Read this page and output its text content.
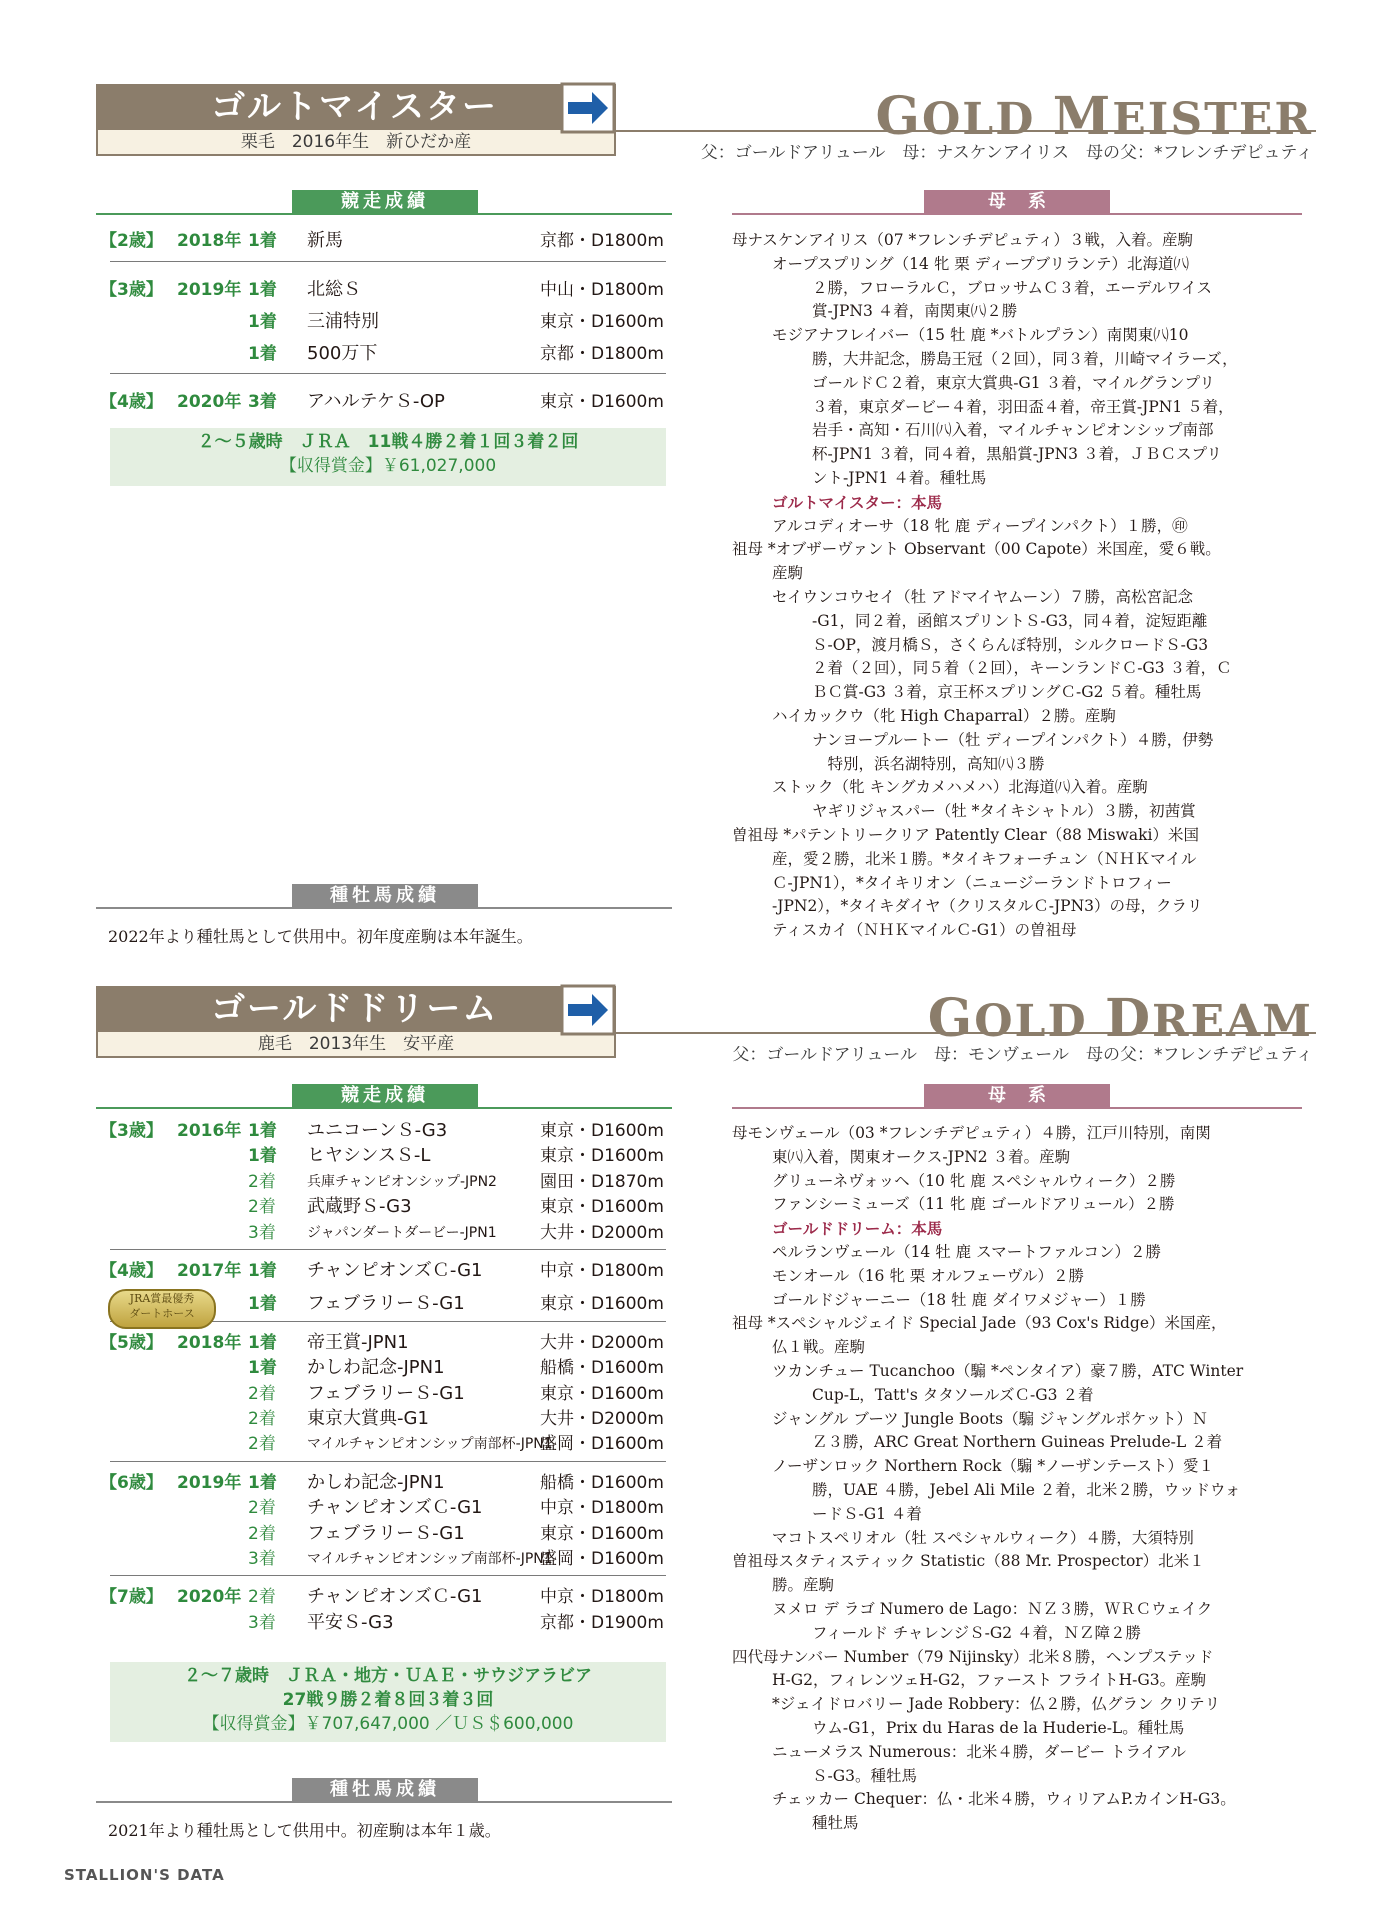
ゴルトマイスター
栗毛　2016年生　新ひだか産	GOLD MEISTER
父：ゴールドアリュール　母：ナスケンアイリス　母の父：*フレンチデピュティ
競走成績	母系
【2歳】 2018年 1着	新馬	京都・D1800m
【3歳】 2019年 1着	北総Ｓ	中山・D1800m
1着	三浦特別	東京・D1600m
1着	500万下	京都・D1800m
【4歳】 2020年 3着	アハルテケＳ-OP	東京・D1600m
２～５歳時　ＪＲＡ　11戦４勝２着１回３着２回
【収得賞金】￥61,027,000
種牡馬成績
2022年より種牡馬として供用中。初年度産駒は本年誕生。
母ナスケンアイリス（07 *フレンチデピュティ）３戦，入着。産駒
オープスプリング（14 牝 栗 ディープブリランテ）北海道㈧
２勝，フローラルＣ，ブロッサムＣ３着，エーデルワイス
賞-JPN3 ４着，南関東㈧２勝
モジアナフレイバー（15 牡 鹿 *バトルプラン）南関東㈧10
勝，大井記念，勝島王冠（２回），同３着，川崎マイラーズ，
ゴールドＣ２着，東京大賞典-G1 ３着，マイルグランプリ
３着，東京ダービー４着，羽田盃４着，帝王賞-JPN1 ５着，
岩手・高知・石川㈧入着，マイルチャンピオンシップ南部
杯-JPN1 ３着，同４着，黒船賞-JPN3 ３着，ＪＢＣスプリ
ント-JPN1 ４着。種牡馬
ゴルトマイスター：本馬
アルコディオーサ（18 牝 鹿 ディープインパクト）１勝，㊞
祖母 *オブザーヴァント Observant（00 Capote）米国産，愛６戦。
産駒
セイウンコウセイ（牡 アドマイヤムーン）７勝，高松宮記念
-G1，同２着，函館スプリントＳ-G3，同４着，淀短距離
Ｓ-OP，渡月橋Ｓ，さくらんぼ特別，シルクロードＳ-G3
２着（２回），同５着（２回），キーンランドＣ-G3 ３着，Ｃ
ＢＣ賞-G3 ３着，京王杯スプリングＣ-G2 ５着。種牡馬
ハイカックウ（牝 High Chaparral）２勝。産駒
ナンヨープルートー（牡 ディープインパクト）４勝，伊勢
　特別，浜名湖特別，高知㈧３勝
ストック（牝 キングカメハメハ）北海道㈧入着。産駒
ヤギリジャスパー（牡 *タイキシャトル）３勝，初茜賞
曽祖母 *パテントリークリア Patently Clear（88 Miswaki）米国
産，愛２勝，北米１勝。*タイキフォーチュン（ＮＨＫマイル
Ｃ-JPN1），*タイキリオン（ニュージーランドトロフィー
-JPN2），*タイキダイヤ（クリスタルＣ-JPN3）の母，クラリ
ティスカイ（ＮＨＫマイルＣ-G1）の曽祖母
ゴールドドリーム
鹿毛　2013年生　安平産	GOLD DREAM
父：ゴールドアリュール　母：モンヴェール　母の父：*フレンチデピュティ
競走成績	母系
【3歳】 2016年 1着	ユニコーンＳ-G3	東京・D1600m
1着	ヒヤシンスＳ-L	東京・D1600m
2着	兵庫チャンピオンシップ-JPN2	園田・D1870m
2着	武蔵野Ｓ-G3	東京・D1600m
3着	ジャパンダートダービー-JPN1	大井・D2000m
【4歳】 2017年 1着	チャンピオンズＣ-G1	中京・D1800m
1着	フェブラリーＳ-G1	東京・D1600m
【5歳】 2018年 1着	帝王賞-JPN1	大井・D2000m
1着	かしわ記念-JPN1	船橋・D1600m
2着	フェブラリーＳ-G1	東京・D1600m
2着	東京大賞典-G1	大井・D2000m
2着	マイルチャンピオンシップ南部杯-JPN1
盛岡・D1600m
【6歳】 2019年 1着	かしわ記念-JPN1	船橋・D1600m
2着	チャンピオンズＣ-G1	中京・D1800m
2着	フェブラリーＳ-G1	東京・D1600m
3着	マイルチャンピオンシップ南部杯-JPN1
盛岡・D1600m
【7歳】 2020年 2着	チャンピオンズＣ-G1	中京・D1800m
3着	平安Ｓ-G3	京都・D1900m
JRA賞最優秀
ダートホース
２～７歳時　ＪＲＡ・地方・ＵＡＥ・サウジアラビア
27戦９勝２着８回３着３回
【収得賞金】￥707,647,000 ／ＵＳ＄600,000
種牡馬成績
2021年より種牡馬として供用中。初産駒は本年１歳。
母モンヴェール（03 *フレンチデピュティ）４勝，江戸川特別，南関
東㈧入着，関東オークス-JPN2 ３着。産駒
グリューネヴォッヘ（10 牝 鹿 スペシャルウィーク）２勝
ファンシーミューズ（11 牝 鹿 ゴールドアリュール）２勝
ゴールドドリーム：本馬
ペルランヴェール（14 牡 鹿 スマートファルコン）２勝
モンオール（16 牝 栗 オルフェーヴル）２勝
ゴールドジャーニー（18 牡 鹿 ダイワメジャー）１勝
祖母 *スペシャルジェイド Special Jade（93 Cox's Ridge）米国産，
仏１戦。産駒
ツカンチュー Tucanchoo（騸 *ペンタイア）豪７勝，ATC Winter
Cup-L，Tatt's タタソールズＣ-G3 ２着
ジャングル ブーツ Jungle Boots（騸 ジャングルポケット）Ｎ
Ｚ３勝，ARC Great Northern Guineas Prelude-L ２着
ノーザンロック Northern Rock（騸 *ノーザンテースト）愛１
勝，UAE ４勝，Jebel Ali Mile ２着，北米２勝，ウッドウォ
ードＳ-G1 ４着
マコトスペリオル（牡 スペシャルウィーク）４勝，大須特別
曽祖母スタティスティック Statistic（88 Mr. Prospector）北米１
勝。産駒
ヌメロ デ ラゴ Numero de Lago：ＮＺ３勝，ＷＲＣウェイク
フィールド チャレンジＳ-G2 ４着，ＮＺ障２勝
四代母ナンバー Number（79 Nijinsky）北米８勝，ヘンプステッド
H-G2，フィレンツェH-G2，ファースト フライトH-G3。産駒
*ジェイドロバリー Jade Robbery：仏２勝，仏グラン クリテリ
ウム-G1，Prix du Haras de la Huderie-L。種牡馬
ニューメラス Numerous：北米４勝，ダービー トライアル
Ｓ-G3。種牡馬
チェッカー Chequer：仏・北米４勝，ウィリアムP.カインH-G3。
種牡馬
STALLION'S DATA
